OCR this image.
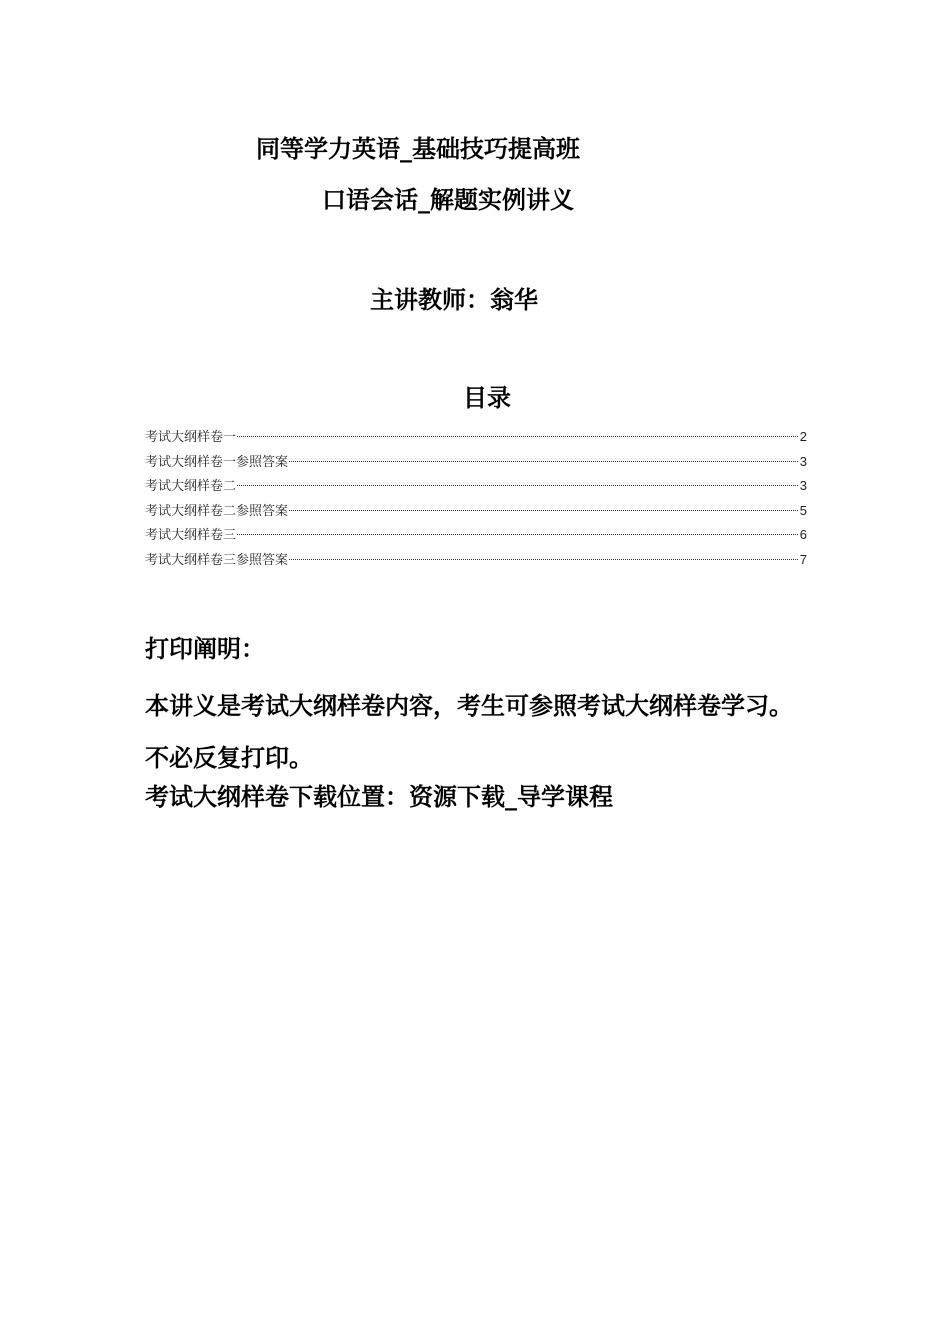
同等学力英语_基础技巧提高班
口语会话_解题实例讲义
主讲教师：翁华
目录
考试大纲样卷一	2
考试大纲样卷一参照答案	3
考试大纲样卷二	3
考试大纲样卷二参照答案	5
考试大纲样卷三	6
考试大纲样卷三参照答案	7
打印阐明：
本讲义是考试大纲样卷内容，考生可参照考试大纲样卷学习。不必反复打印。
考试大纲样卷下载位置：资源下载_导学课程
